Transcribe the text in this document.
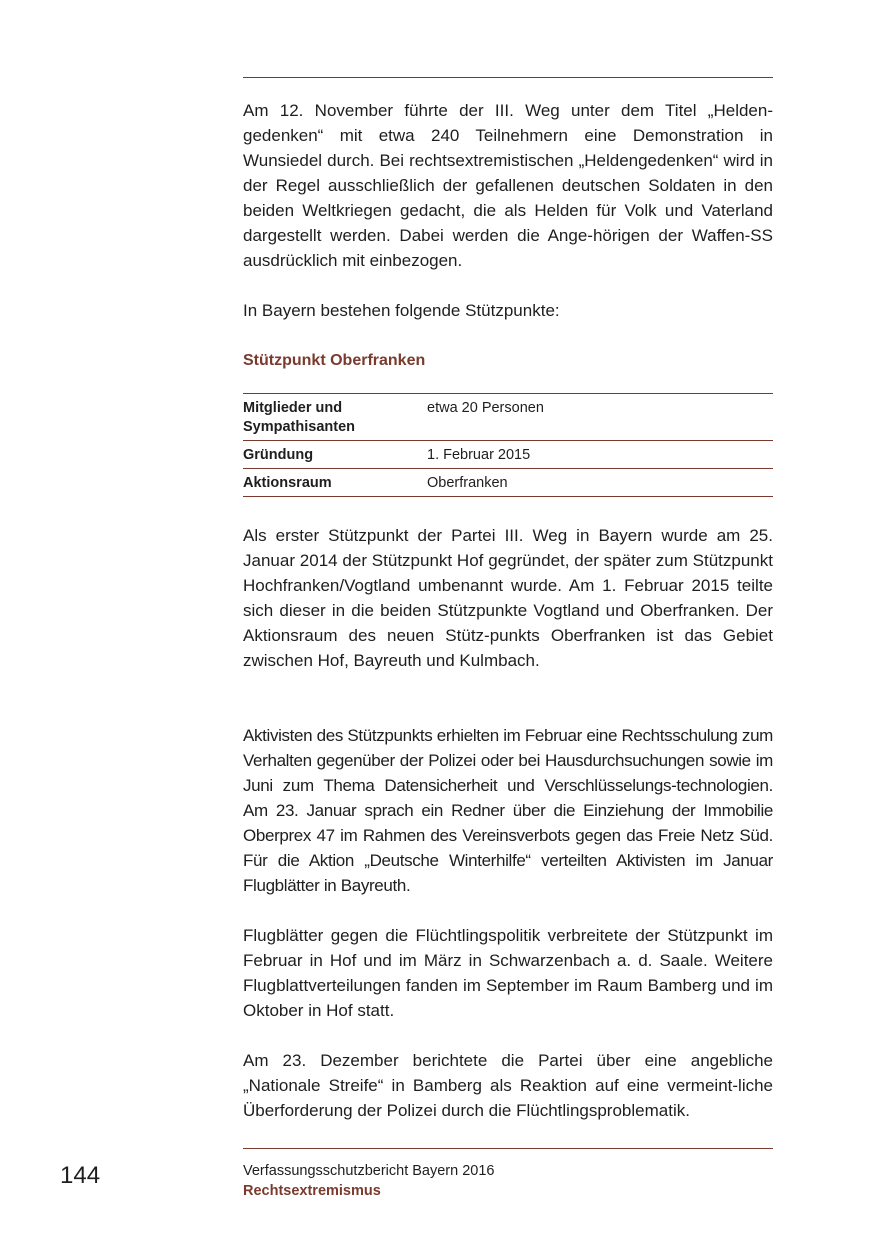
Am 12. November führte der III. Weg unter dem Titel „Helden-gedenken“ mit etwa 240 Teilnehmern eine Demonstration in Wunsiedel durch. Bei rechtsextremistischen „Heldengedenken“ wird in der Regel ausschließlich der gefallenen deutschen Soldaten in den beiden Weltkriegen gedacht, die als Helden für Volk und Vaterland dargestellt werden. Dabei werden die Ange-hörigen der Waffen-SS ausdrücklich mit einbezogen.

In Bayern bestehen folgende Stützpunkte:

Stützpunkt Oberfranken
Mitglieder und Sympathisanten	etwa 20 Personen
Gründung	1. Februar 2015
Aktionsraum	Oberfranken

Als erster Stützpunkt der Partei III. Weg in Bayern wurde am 25. Januar 2014 der Stützpunkt Hof gegründet, der später zum Stützpunkt Hochfranken/Vogtland umbenannt wurde. Am 1. Februar 2015 teilte sich dieser in die beiden Stützpunkte Vogtland und Oberfranken. Der Aktionsraum des neuen Stütz-punkts Oberfranken ist das Gebiet zwischen Hof, Bayreuth und Kulmbach.

Aktivisten des Stützpunkts erhielten im Februar eine Rechtsschulung zum Verhalten gegenüber der Polizei oder bei Hausdurchsuchungen sowie im Juni zum Thema Datensicherheit und Verschlüsselungs-technologien. Am 23. Januar sprach ein Redner über die Einziehung der Immobilie Oberprex 47 im Rahmen des Vereinsverbots gegen das Freie Netz Süd. Für die Aktion „Deutsche Winterhilfe“ verteilten Aktivisten im Januar Flugblätter in Bayreuth.

Flugblätter gegen die Flüchtlingspolitik verbreitete der Stützpunkt im Februar in Hof und im März in Schwarzenbach a. d. Saale. Weitere Flugblattverteilungen fanden im September im Raum Bamberg und im Oktober in Hof statt.

Am 23. Dezember berichtete die Partei über eine angebliche „Nationale Streife“ in Bamberg als Reaktion auf eine vermeint-liche Überforderung der Polizei durch die Flüchtlingsproblematik.

144	Verfassungsschutzbericht Bayern 2016
Rechtsextremismus
